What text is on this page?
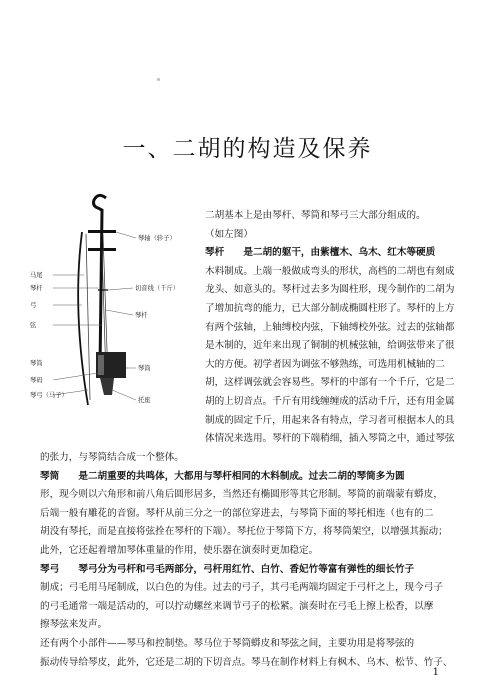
一、二胡的构造及保养
琴轴（轸子）
马尾
琴杆
弓
弦
切音线（千斤）
琴杆
琴码
琴弓（马子）
琴筒
托座
琴筒
二胡基本上是由琴杆、琴筒和琴弓三大部分组成的。
（如左图）
琴杆　　是二胡的躯干，由紫檀木、乌木、红木等硬质
木料制成。上端一般做成弯头的形状，高档的二胡也有刻成
龙头、如意头的。琴杆过去多为圆柱形，现今制作的二胡为
了增加抗弯的能力，已大部分制成椭圆柱形了。琴杆的上方
有两个弦轴，上轴缚校内弦，下轴缚校外弦。过去的弦轴都
是木制的，近年来出现了铜制的机械弦轴，给调弦带来了很
大的方便。初学者因为调弦不够熟练，可选用机械轴的二
胡，这样调弦就会容易些。琴杆的中部有一个千斤，它是二
胡的上切音点。千斤有用线缠缠成的活动千斤，还有用金属
制成的固定千斤，用起来各有特点，学习者可根据本人的具
体情况来选用。琴杆的下端稍细，插入琴筒之中，通过琴弦
的张力，与琴筒结合成一个整体。
琴筒　　是二胡重要的共鸣体，大都用与琴杆相同的木料制成。过去二胡的琴筒多为圆
形，现今则以六角形和前八角后圆形居多，当然还有椭圆形等其它形制。琴筒的前端蒙有蟒皮，
后端一般有雕花的音窗。琴杆从前三分之一的部位穿进去，与琴筒下面的琴托相连（也有的二
胡没有琴托，而是直接将弦拴在琴杆的下端）。琴托位于琴筒下方，将琴筒架空，以增强其振动；
此外，它还起着增加琴体重量的作用，使乐器在演奏时更加稳定。
琴弓　　琴弓分为弓杆和弓毛两部分，弓杆用红竹、白竹、香妃竹等富有弹性的细长竹子
制成；弓毛用马尾制成，以白色的为佳。过去的弓子，其弓毛两端均固定于弓杆之上，现今弓子
的弓毛通常一端是活动的，可以拧动螺丝来调节弓子的松紧。演奏时在弓毛上擦上松香，以摩
擦琴弦来发声。
还有两个小部件——琴马和控制垫。琴马位于琴筒蟒皮和琴弦之间，主要功用是将琴弦的
振动传导给琴皮，此外，它还是二胡的下切音点。琴马在制作材料上有枫木、乌木、松节、竹子、
1
